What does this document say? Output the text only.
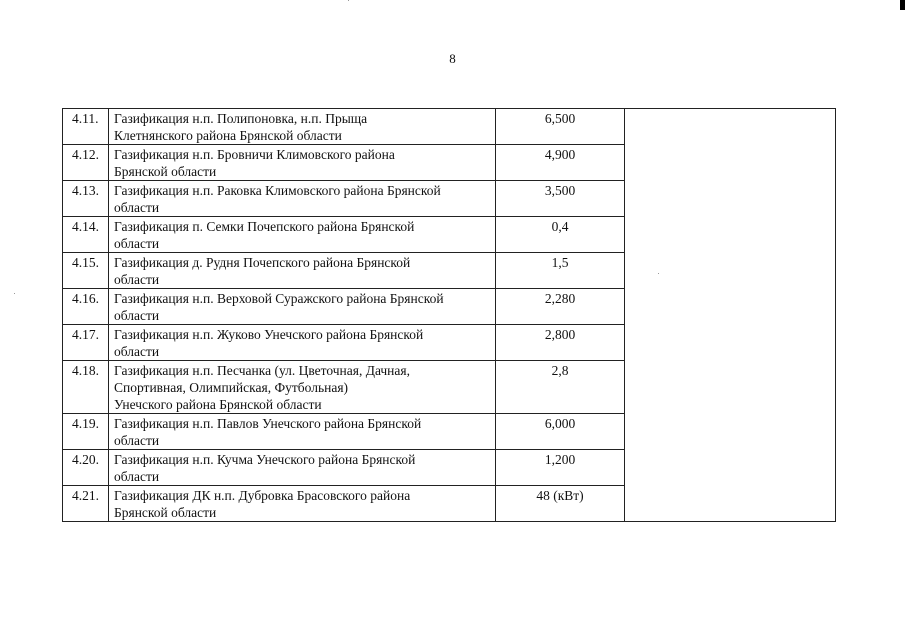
8
4.11.	Газификация н.п. Полипоновка, н.п. Прыща
Клетнянского района Брянской области	6,500	
4.12.	Газификация н.п. Бровничи Климовского района
Брянской области	4,900	
4.13.	Газификация н.п. Раковка Климовского района Брянской
области	3,500	
4.14.	Газификация п. Семки Почепского района Брянской
области	0,4	
4.15.	Газификация д. Рудня Почепского района Брянской
области	1,5	
4.16.	Газификация н.п. Верховой Суражского района Брянской
области	2,280	
4.17.	Газификация н.п. Жуково Унечского района Брянской
области	2,800	
4.18.	Газификация н.п. Песчанка (ул. Цветочная, Дачная,
Спортивная, Олимпийская, Футбольная)
Унечского района Брянской области	2,8	
4.19.	Газификация н.п. Павлов Унечского района Брянской
области	6,000	
4.20.	Газификация н.п. Кучма Унечского района Брянской
области	1,200	
4.21.	Газификация ДК н.п. Дубровка Брасовского района
Брянской области	48 (кВт)	
